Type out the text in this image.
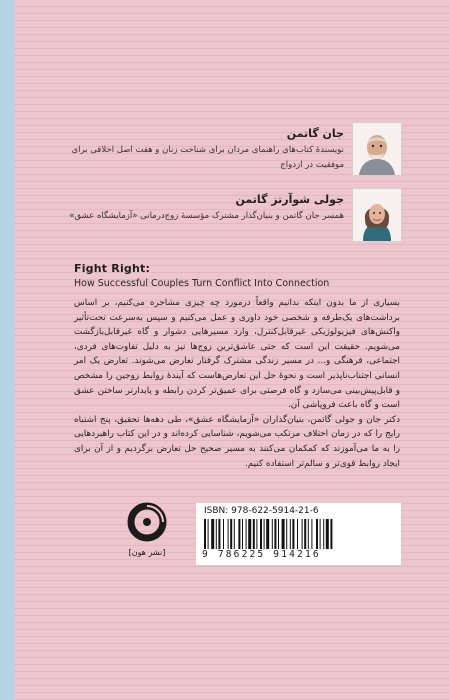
جان گاتمن
نویسندهٔ کتاب‌های راهنمای مردان برای شناخت زنان و هفت اصل اخلاقی برای موفقیت در ازدواج
جولی شوآرتز گاتمن
همسر جان گاتمن و بنیان‌گذار مشترک مؤسسهٔ زوج‌درمانی «آزمایشگاه عشق»
Fight Right:
How Successful Couples Turn Conflict Into Connection

بسیاری از ما بدون اینکه بدانیم واقعاً درمورد چه چیزی مشاجره می‌کنیم، بر اساس برداشت‌های یک‌طرفه و شخصی خود داوری و عمل می‌کنیم و سپس به‌سرعت تحت‌تأثیر واکنش‌های فیزیولوژیکی غیرقابل‌کنترل، وارد مسیرهایی دشوار و گاه غیرقابل‌بازگشت می‌شویم. حقیقت این است که حتی عاشق‌ترین زوج‌ها نیز به دلیل تفاوت‌های فردی، اجتماعی، فرهنگی و... در مسیر زندگی مشترک گرفتار تعارض می‌شوند. تعارض یک امر انسانی اجتناب‌ناپذیر است و نحوهٔ حل این تعارض‌هاست که آیندهٔ روابط زوجین را مشخص و قابل‌پیش‌بینی می‌سازد و گاه فرصتی برای عمیق‌تر کردن رابطه و پایدارتر ساختن عشق است و گاه باعث فروپاشی آن.

دکتر جان و جولی گاتمن، بنیان‌گذاران «آزمایشگاه عشق»، طی دهه‌ها تحقیق، پنج اشتباه رایج را که در زمان اختلاف مرتکب می‌شویم، شناسایی کرده‌اند و در این کتاب راهبردهایی را به ما می‌آموزند که کمکمان می‌کنند به مسیر صحیح حل تعارض برگردیم و از آن برای ایجاد روابط قوی‌تر و سالم‌تر استفاده کنیم.

[نشر هون]
ISBN: 978-622-5914-21-6
9 786225 914216
